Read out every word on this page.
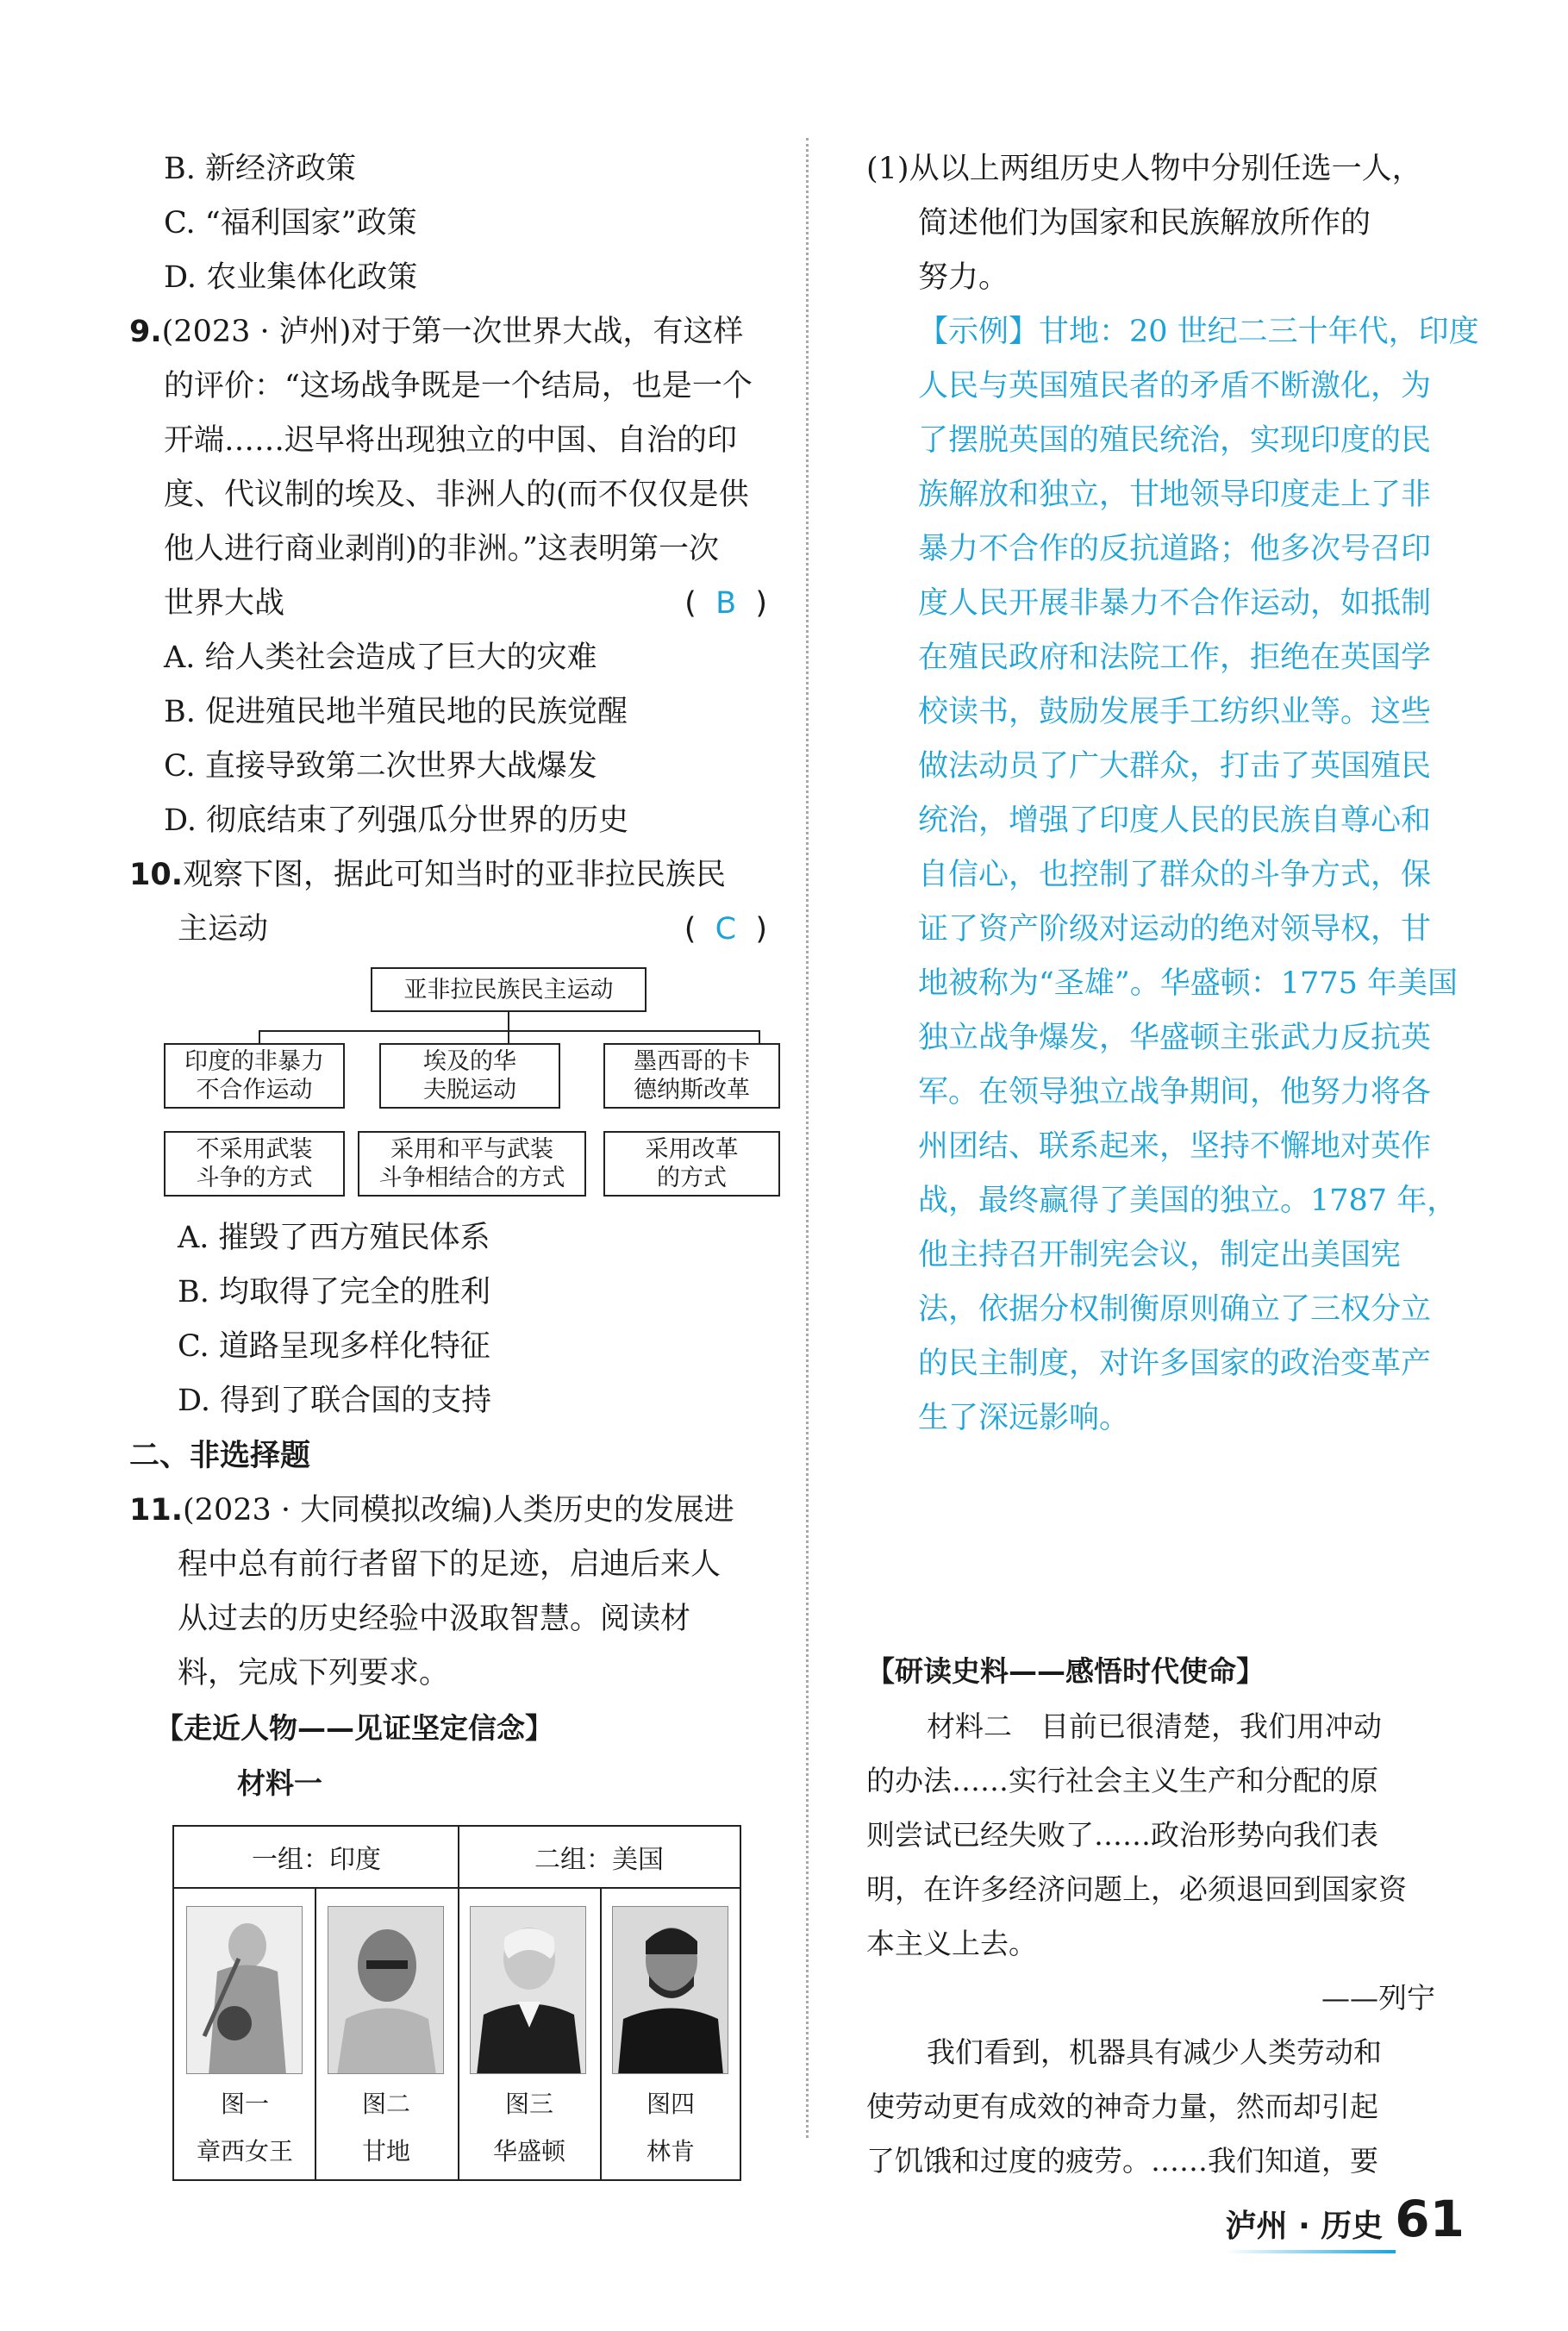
B. 新经济政策
C. “福利国家”政策
D. 农业集体化政策
9.(2023 · 泸州)对于第一次世界大战，有这样
的评价：“这场战争既是一个结局，也是一个
开端……迟早将出现独立的中国、自治的印
度、代议制的埃及、非洲人的(而不仅仅是供
他人进行商业剥削)的非洲。”这表明第一次
世界大战	( B )
A. 给人类社会造成了巨大的灾难
B. 促进殖民地半殖民地的民族觉醒
C. 直接导致第二次世界大战爆发
D. 彻底结束了列强瓜分世界的历史
10.观察下图，据此可知当时的亚非拉民族民
主运动	( C )
亚非拉民族民主运动
印度的非暴力
不合作运动
埃及的华
夫脱运动
墨西哥的卡
德纳斯改革
不采用武装
斗争的方式
采用和平与武装
斗争相结合的方式
采用改革
的方式
A. 摧毁了西方殖民体系
B. 均取得了完全的胜利
C. 道路呈现多样化特征
D. 得到了联合国的支持
二、非选择题
11.(2023 · 大同模拟改编)人类历史的发展进
程中总有前行者留下的足迹，启迪后来人
从过去的历史经验中汲取智慧。阅读材
料，完成下列要求。
【走近人物——见证坚定信念】
材料一
一组：印度	二组：美国
图一
章西女王
图二
甘地
图三
华盛顿
图四
林肯
(1)从以上两组历史人物中分别任选一人，
简述他们为国家和民族解放所作的
努力。
【示例】甘地：20 世纪二三十年代，印度
人民与英国殖民者的矛盾不断激化，为
了摆脱英国的殖民统治，实现印度的民
族解放和独立，甘地领导印度走上了非
暴力不合作的反抗道路；他多次号召印
度人民开展非暴力不合作运动，如抵制
在殖民政府和法院工作，拒绝在英国学
校读书，鼓励发展手工纺织业等。这些
做法动员了广大群众，打击了英国殖民
统治，增强了印度人民的民族自尊心和
自信心，也控制了群众的斗争方式，保
证了资产阶级对运动的绝对领导权，甘
地被称为“圣雄”。华盛顿：1775 年美国
独立战争爆发，华盛顿主张武力反抗英
军。在领导独立战争期间，他努力将各
州团结、联系起来，坚持不懈地对英作
战，最终赢得了美国的独立。1787 年，
他主持召开制宪会议，制定出美国宪
法，依据分权制衡原则确立了三权分立
的民主制度，对许多国家的政治变革产
生了深远影响。
【研读史料——感悟时代使命】
材料二　目前已很清楚，我们用冲动
的办法……实行社会主义生产和分配的原
则尝试已经失败了……政治形势向我们表
明，在许多经济问题上，必须退回到国家资
本主义上去。
——列宁
我们看到，机器具有减少人类劳动和
使劳动更有成效的神奇力量，然而却引起
了饥饿和过度的疲劳。……我们知道，要
泸州 · 历史 61
